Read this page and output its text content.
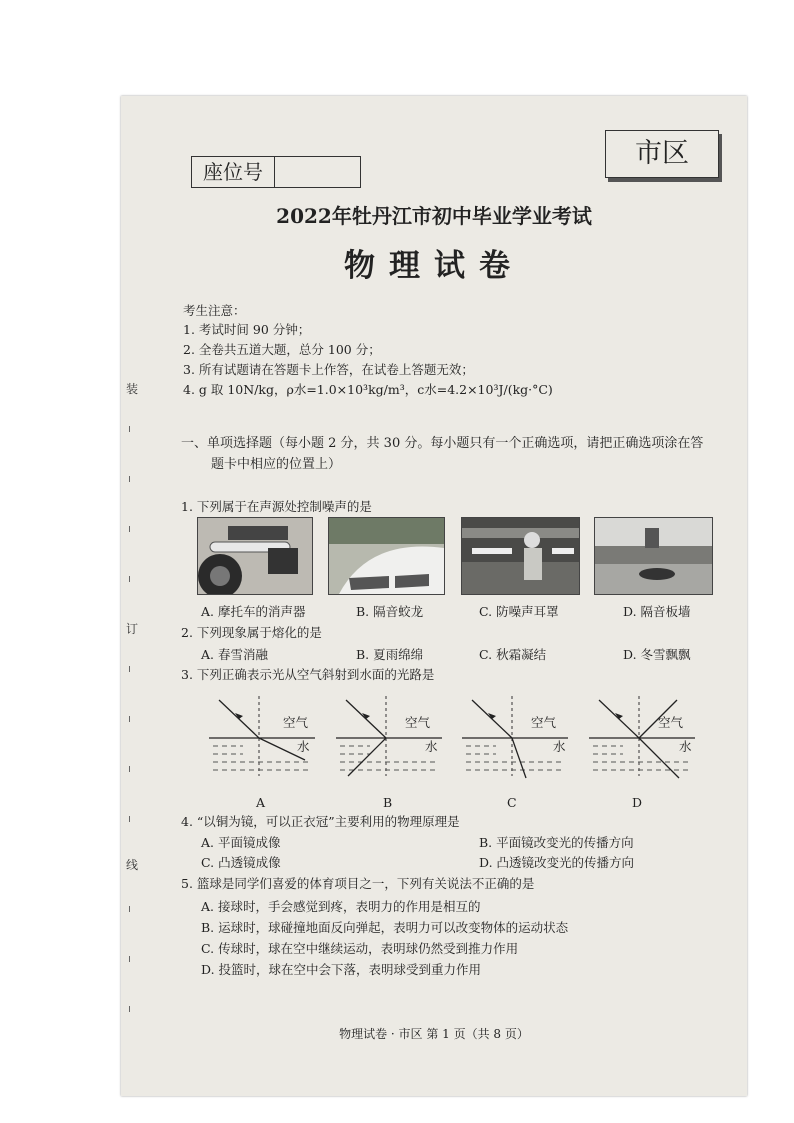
座位号
市区
2022年牡丹江市初中毕业学业考试
物理试卷
考生注意：
1. 考试时间 90 分钟；
2. 全卷共五道大题，总分 100 分；
3. 所有试题请在答题卡上作答，在试卷上答题无效；
4. g 取 10N/kg，ρ水=1.0×10³kg/m³，c水=4.2×10³J/(kg·°C)
装
订
线
一、单项选择题（每小题 2 分，共 30 分。每小题只有一个正确选项，请把正确选项涂在答
题卡中相应的位置上）
1. 下列属于在声源处控制噪声的是
A. 摩托车的消声器	B. 隔音蛟龙	C. 防噪声耳罩	D. 隔音板墙
2. 下列现象属于熔化的是
A. 春雪消融	B. 夏雨绵绵	C. 秋霜凝结	D. 冬雪飘飘
3. 下列正确表示光从空气斜射到水面的光路是
空气
水
空气
水
空气
水
空气
水
A	B	C	D
4. “以铜为镜，可以正衣冠”主要利用的物理原理是
A. 平面镜成像	B. 平面镜改变光的传播方向
C. 凸透镜成像	D. 凸透镜改变光的传播方向
5. 篮球是同学们喜爱的体育项目之一，下列有关说法不正确的是
A. 接球时，手会感觉到疼，表明力的作用是相互的
B. 运球时，球碰撞地面反向弹起，表明力可以改变物体的运动状态
C. 传球时，球在空中继续运动，表明球仍然受到推力作用
D. 投篮时，球在空中会下落，表明球受到重力作用
物理试卷 · 市区 第 1 页（共 8 页）
